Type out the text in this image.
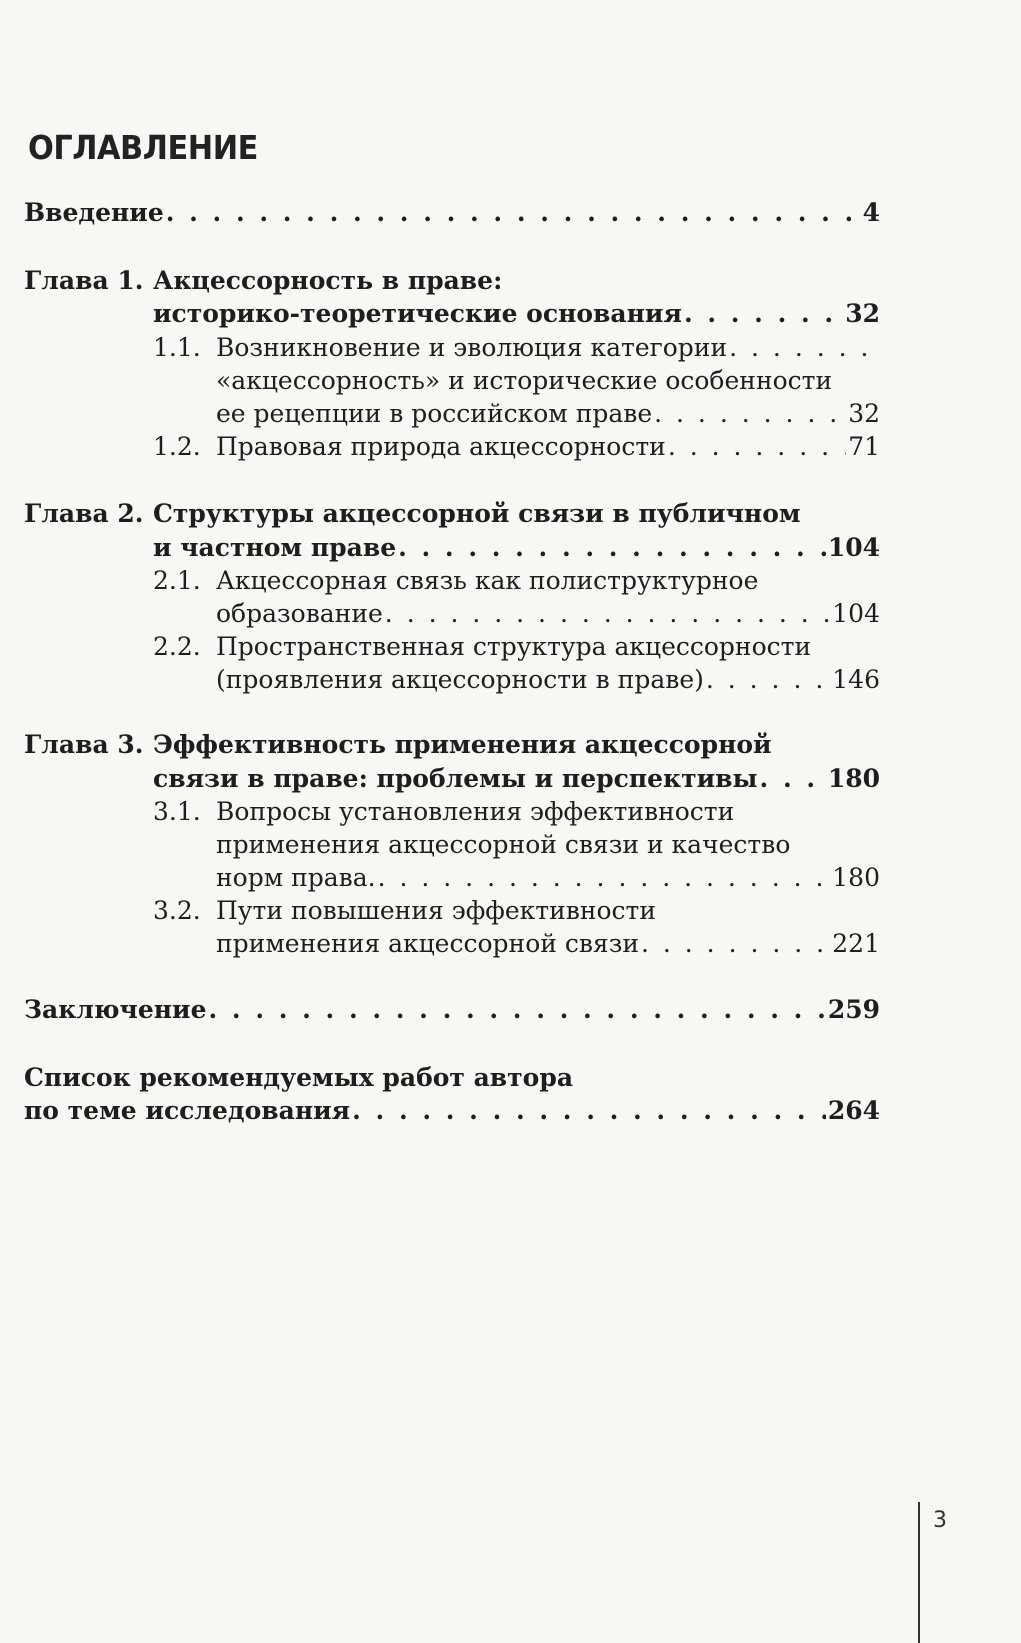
ОГЛАВЛЕНИЕ
Введение . . .	4
Глава 1. Акцессорность в праве:
историко-теоретические основания . . .	32
1.1. Возникновение и эволюция категории
. . .
«акцессорность» и исторические особенности
ее рецепции в российском праве . . .	32
1.2. Правовая природа акцессорности . . .	71
Глава 2. Структуры акцессорной связи в публичном
и частном праве . . .	104
2.1. Акцессорная связь как полиструктурное
образование . . .	104
2.2. Пространственная структура акцессорности
(проявления акцессорности в праве) . . .	146
Глава 3. Эффективность применения акцессорной
связи в праве: проблемы и перспективы . . .	180
3.1. Вопросы установления эффективности
применения акцессорной связи и качество
норм права. . . .	180
3.2. Пути повышения эффективности
применения акцессорной связи . . .	221
Заключение . . .	259
Список рекомендуемых работ автора
по теме исследования . . .	264
3
